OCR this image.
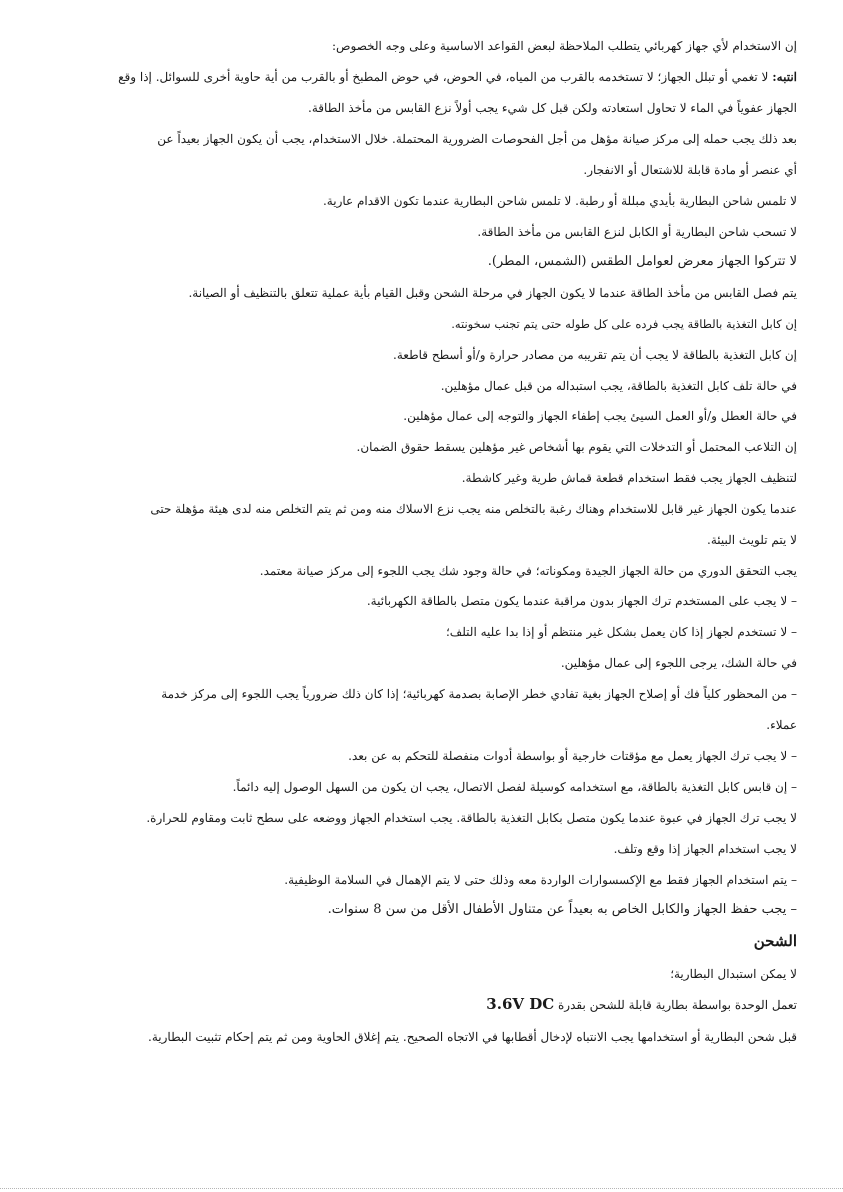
إن الاستخدام لأي جهاز كهربائي يتطلب الملاحظة لبعض القواعد الاساسية وعلى وجه الخصوص:

انتبه: لا تغمي أو تبلل الجهاز؛ لا تستخدمه بالقرب من المياه، في الحوض، في حوض المطبخ أو بالقرب من أية حاوية أخرى للسوائل. إذا وقع

الجهاز عفوياً في الماء لا تحاول استعادته ولكن قبل كل شيء يجب أولاً نزع القابس من مأخذ الطاقة.

بعد ذلك يجب حمله إلى مركز صيانة مؤهل من أجل الفحوصات الضرورية المحتملة. خلال الاستخدام، يجب أن يكون الجهاز بعيداً عن

أي عنصر أو مادة قابلة للاشتعال أو الانفجار.

لا تلمس شاحن البطارية بأيدي مبللة أو رطبة. لا تلمس شاحن البطارية عندما تكون الاقدام عارية.

لا تسحب شاحن البطارية أو الكابل لنزع القابس من مأخذ الطاقة.

لا تتركوا الجهاز معرض لعوامل الطقس (الشمس، المطر).

يتم فصل القابس من مأخذ الطاقة عندما لا يكون الجهاز في مرحلة الشحن وقبل القيام بأية عملية تتعلق بالتنظيف أو الصيانة.

إن كابل التغذية بالطاقة يجب فرده على كل طوله حتى يتم تجنب سخونته.

إن كابل التغذية بالطاقة لا يجب أن يتم تقريبه من مصادر حرارة و/أو أسطح قاطعة.

في حالة تلف كابل التغذية بالطاقة، يجب استبداله من قبل عمال مؤهلين.

في حالة العطل و/أو العمل السيئ يجب إطفاء الجهاز والتوجه إلى عمال مؤهلين.

إن التلاعب المحتمل أو التدخلات التي يقوم بها أشخاص غير مؤهلين يسقط حقوق الضمان.

لتنظيف الجهاز يجب فقط استخدام قطعة قماش طرية وغير كاشطة.

عندما يكون الجهاز غير قابل للاستخدام وهناك رغبة بالتخلص منه يجب نزع الاسلاك منه ومن ثم يتم التخلص منه لدى هيئة مؤهلة حتى

لا يتم تلويث البيئة.

يجب التحقق الدوري من حالة الجهاز الجيدة ومكوناته؛ في حالة وجود شك يجب اللجوء إلى مركز صيانة معتمد.

– لا يجب على المستخدم ترك الجهاز بدون مراقبة عندما يكون متصل بالطاقة الكهربائية.

– لا تستخدم لجهاز إذا كان يعمل بشكل غير منتظم أو إذا بدا عليه التلف؛

في حالة الشك، يرجى اللجوء إلى عمال مؤهلين.

– من المحظور كلياً فك أو إصلاح الجهاز بغية تفادي خطر الإصابة بصدمة كهربائية؛ إذا كان ذلك ضرورياً يجب اللجوء إلى مركز خدمة

عملاء.

– لا يجب ترك الجهاز يعمل مع مؤقتات خارجية أو بواسطة أدوات منفصلة للتحكم به عن بعد.

– إن قابس كابل التغذية بالطاقة، مع استخدامه كوسيلة لفصل الاتصال، يجب ان يكون من السهل الوصول إليه دائماً.

لا يجب ترك الجهاز في عبوة عندما يكون متصل بكابل التغذية بالطاقة. يجب استخدام الجهاز ووضعه على سطح ثابت ومقاوم للحرارة.

لا يجب استخدام الجهاز إذا وقع وتلف.

– يتم استخدام الجهاز فقط مع الإكسسوارات الواردة معه وذلك حتى لا يتم الإهمال في السلامة الوظيفية.

– يجب حفظ الجهاز والكابل الخاص به بعيداً عن متناول الأطفال الأقل من سن 8 سنوات.

الشحن

لا يمكن استبدال البطارية؛

تعمل الوحدة بواسطة بطارية قابلة للشحن بقدرة 3.6V DC

قبل شحن البطارية أو استخدامها يجب الانتباه لإدخال أقطابها في الاتجاه الصحيح. يتم إغلاق الحاوية ومن ثم يتم إحكام تثبيت البطارية.
